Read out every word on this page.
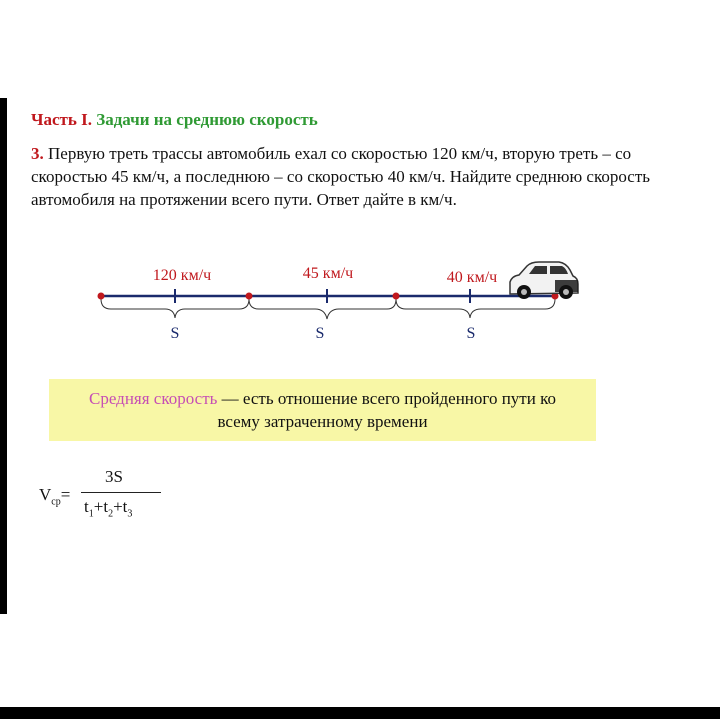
Часть I. Задачи на среднюю скорость
3. Первую треть трассы автомобиль ехал со скоростью 120 км/ч, вторую треть – со скоростью 45 км/ч, а последнюю – со скоростью 40 км/ч. Найдите среднюю скорость автомобиля на протяжении всего пути. Ответ дайте в км/ч.
120 км/ч	45 км/ч	40 км/ч
S	S	S
Средняя скорость — есть отношение всего пройденного пути ко
всему затраченному времени
$V_{ср}=$
3S
$t_1+t_2+t_3$
